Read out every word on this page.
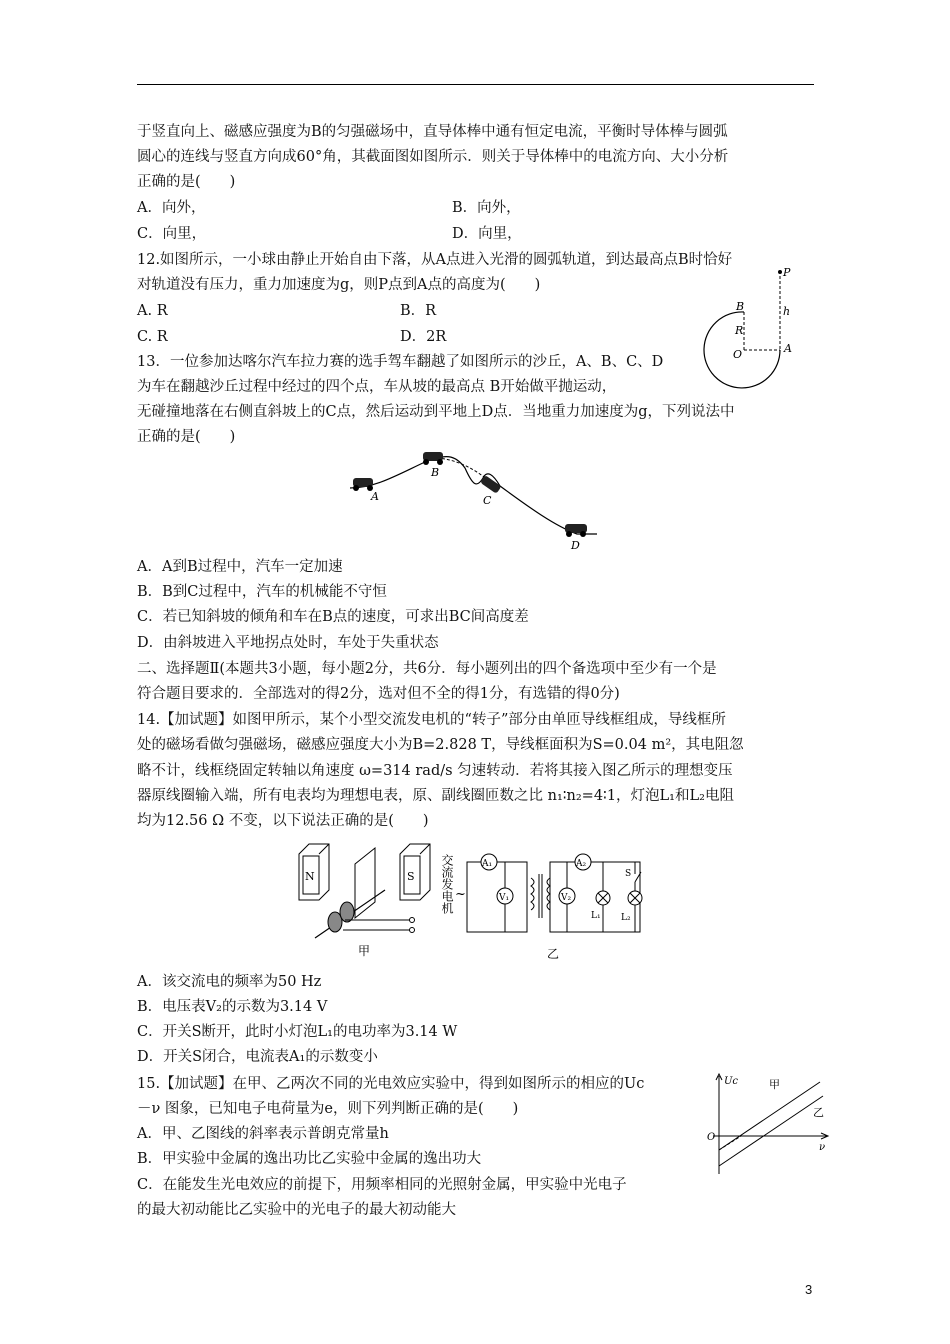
于竖直向上、磁感应强度为B的匀强磁场中，直导体棒中通有恒定电流，平衡时导体棒与圆弧
圆心的连线与竖直方向成60°角，其截面图如图所示．则关于导体棒中的电流方向、大小分析
正确的是(　　)
A．向外，	B．向外，
C．向里，	D．向里，
12.如图所示，一小球由静止开始自由下落，从A点进入光滑的圆弧轨道，到达最高点B时恰好
对轨道没有压力，重力加速度为g，则P点到A点的高度为(　　)
A. R	B．R
C. R	D．2R
P
B	h
R
O	A
13．一位参加达喀尔汽车拉力赛的选手驾车翻越了如图所示的沙丘，A、B、C、D
为车在翻越沙丘过程中经过的四个点，车从坡的最高点 B开始做平抛运动，
无碰撞地落在右侧直斜坡上的C点，然后运动到平地上D点．当地重力加速度为g，下列说法中
正确的是(　　)
A
B
C
D
A．A到B过程中，汽车一定加速
B．B到C过程中，汽车的机械能不守恒
C．若已知斜坡的倾角和车在B点的速度，可求出BC间高度差
D．由斜坡进入平地拐点处时，车处于失重状态
二、选择题Ⅱ(本题共3小题，每小题2分，共6分．每小题列出的四个备选项中至少有一个是
符合题目要求的．全部选对的得2分，选对但不全的得1分，有选错的得0分)
14.【加试题】如图甲所示，某个小型交流发电机的“转子”部分由单匝导线框组成，导线框所
处的磁场看做匀强磁场，磁感应强度大小为B=2.828 T，导线框面积为S=0.04 m²，其电阻忽
略不计，线框绕固定转轴以角速度 ω=314 rad/s 匀速转动．若将其接入图乙所示的理想变压
器原线圈输入端，所有电表均为理想电表，原、副线圈匝数之比 n₁∶n₂=4∶1，灯泡L₁和L₂电阻
均为12.56 Ω 不变，以下说法正确的是(　　)
N	S
甲
交流发电机 ~
A₁
V₁
A₂
V₂
L₁
S
L₂
乙
A．该交流电的频率为50 Hz
B．电压表V₂的示数为3.14 V
C．开关S断开，此时小灯泡L₁的电功率为3.14 W
D．开关S闭合，电流表A₁的示数变小
15.【加试题】在甲、乙两次不同的光电效应实验中，得到如图所示的相应的Uc
－ν 图象，已知电子电荷量为e，则下列判断正确的是(　　)
A．甲、乙图线的斜率表示普朗克常量h
B．甲实验中金属的逸出功比乙实验中金属的逸出功大
C．在能发生光电效应的前提下，用频率相同的光照射金属，甲实验中光电子
的最大初动能比乙实验中的光电子的最大初动能大
Uc	甲
乙
O
ν
3
